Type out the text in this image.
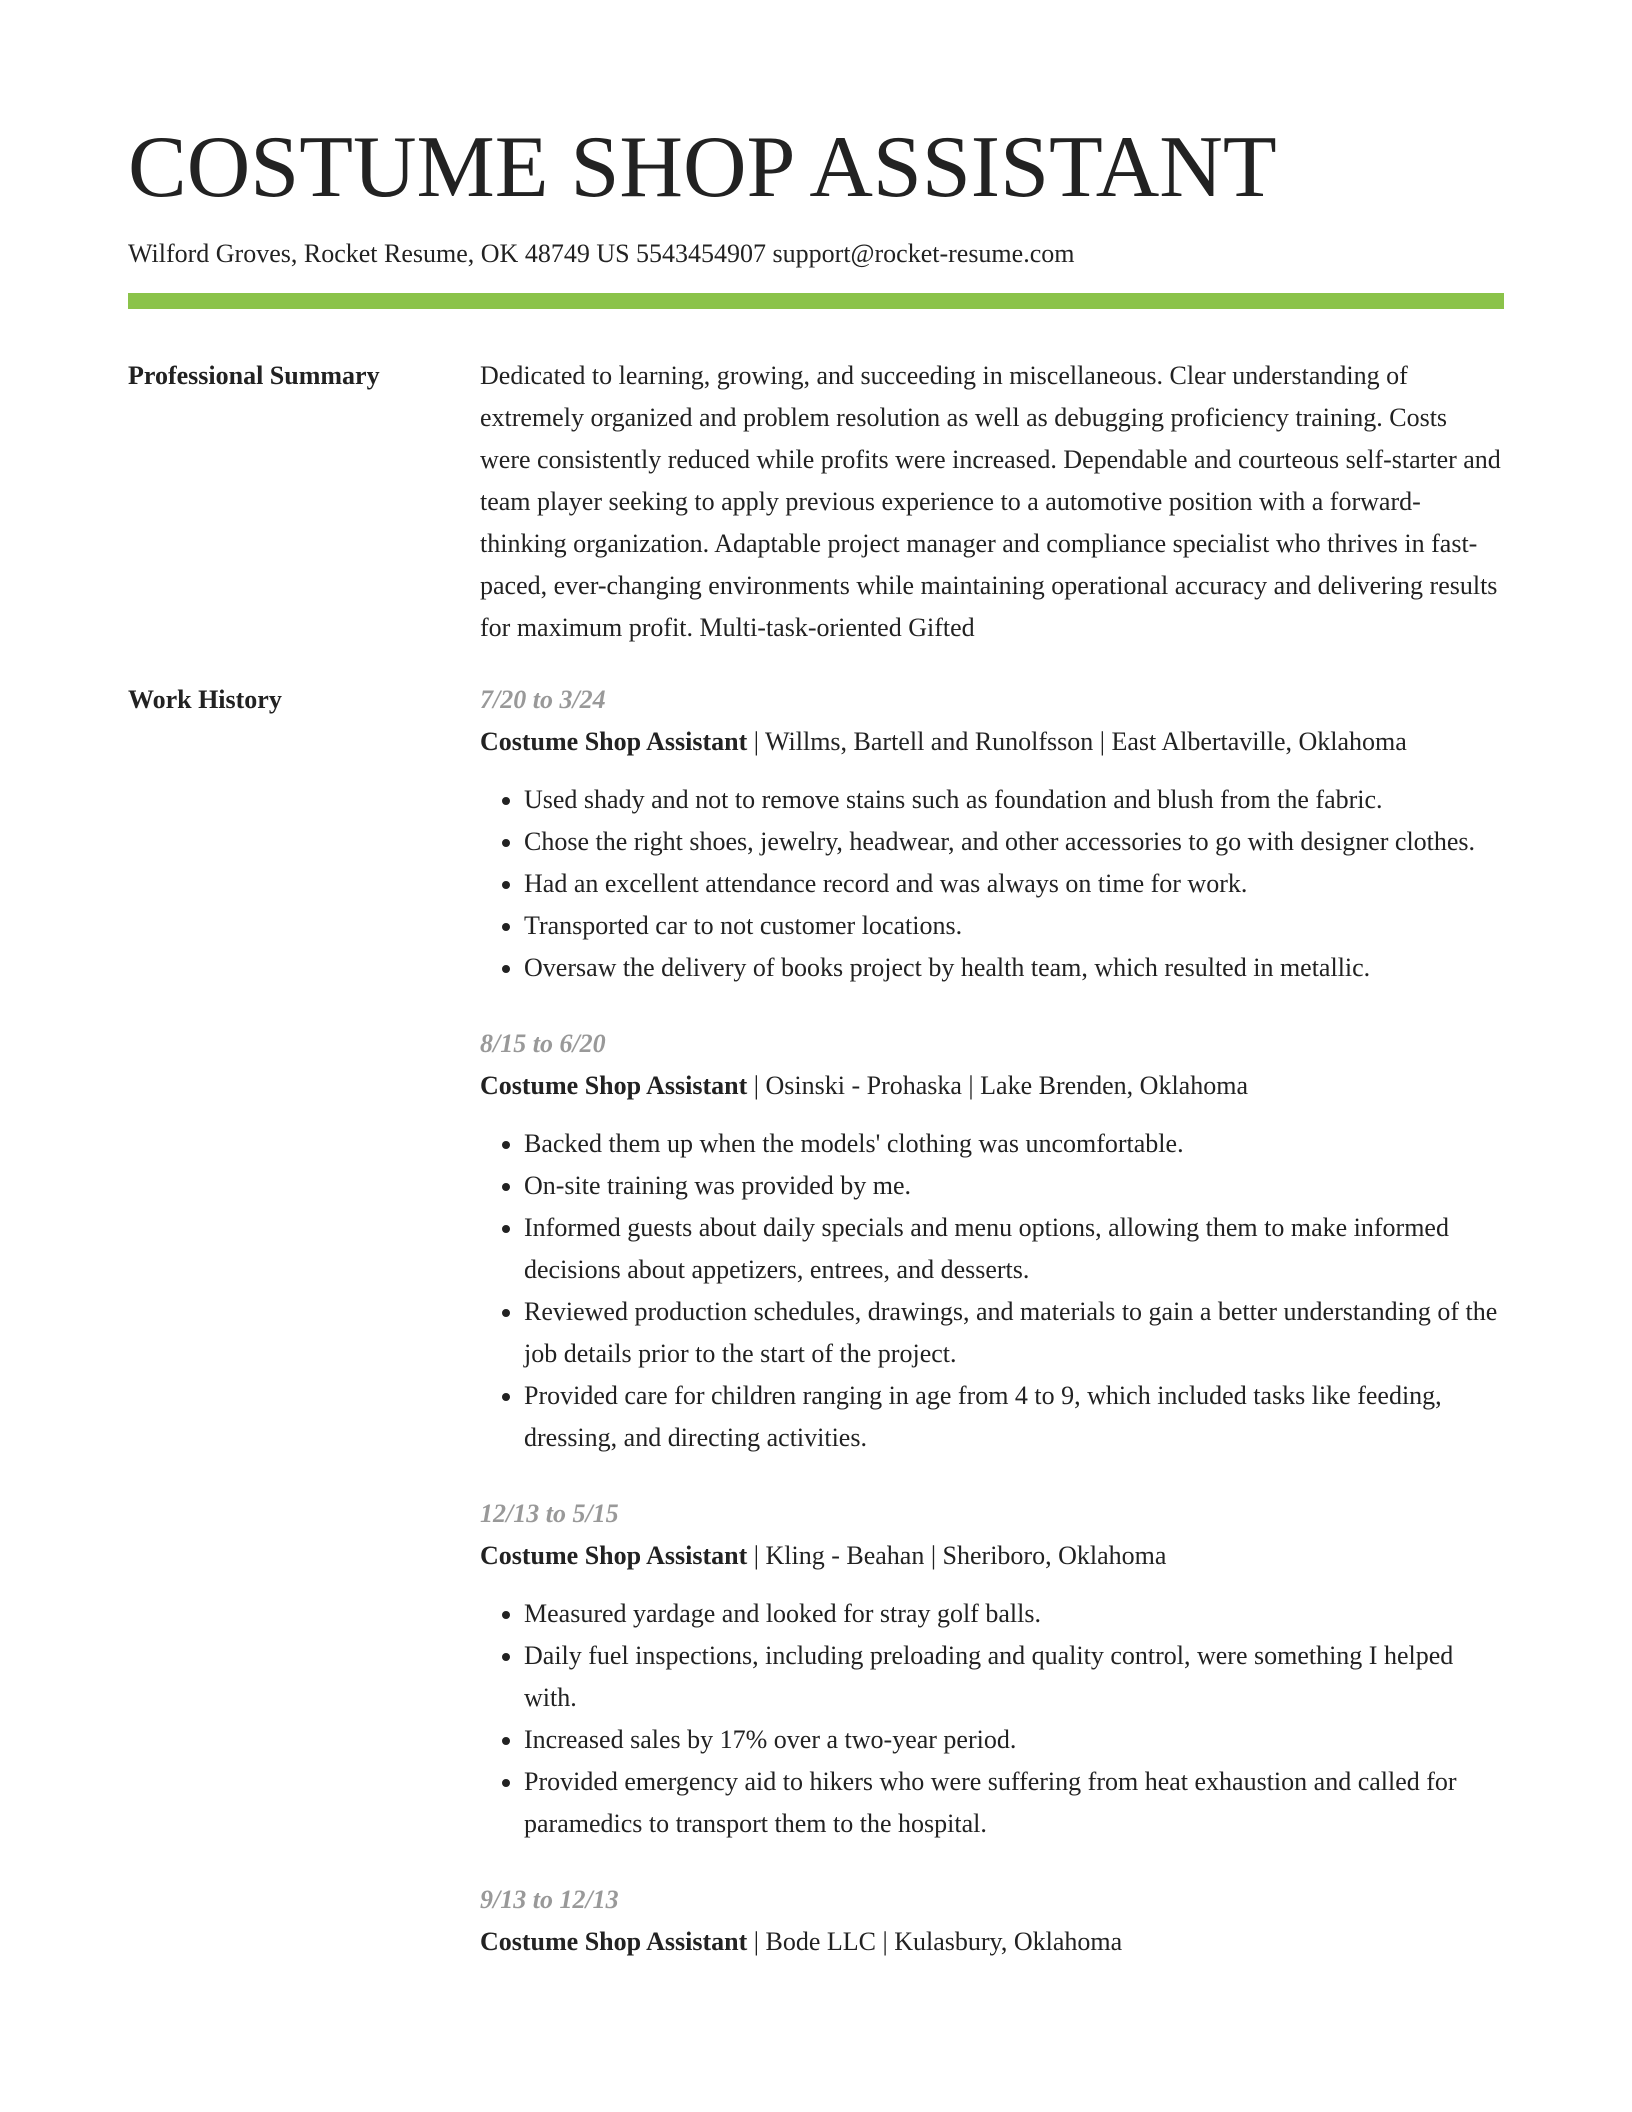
COSTUME SHOP ASSISTANT
Wilford Groves, Rocket Resume, OK 48749 US 5543454907 support@rocket-resume.com
Professional Summary	Dedicated to learning, growing, and succeeding in miscellaneous. Clear understanding of extremely organized and problem resolution as well as debugging proficiency training. Costs were consistently reduced while profits were increased. Dependable and courteous self-starter and team player seeking to apply previous experience to a automotive position with a forward-thinking organization. Adaptable project manager and compliance specialist who thrives in fast-paced, ever-changing environments while maintaining operational accuracy and delivering results for maximum profit. Multi-task-oriented Gifted

Work History	7/20 to 3/24
Costume Shop Assistant | Willms, Bartell and Runolfsson | East Albertaville, Oklahoma
• Used shady and not to remove stains such as foundation and blush from the fabric.
• Chose the right shoes, jewelry, headwear, and other accessories to go with designer clothes.
• Had an excellent attendance record and was always on time for work.
• Transported car to not customer locations.
• Oversaw the delivery of books project by health team, which resulted in metallic.
8/15 to 6/20
Costume Shop Assistant | Osinski - Prohaska | Lake Brenden, Oklahoma
• Backed them up when the models' clothing was uncomfortable.
• On-site training was provided by me.
• Informed guests about daily specials and menu options, allowing them to make informed decisions about appetizers, entrees, and desserts.
• Reviewed production schedules, drawings, and materials to gain a better understanding of the job details prior to the start of the project.
• Provided care for children ranging in age from 4 to 9, which included tasks like feeding, dressing, and directing activities.
12/13 to 5/15
Costume Shop Assistant | Kling - Beahan | Sheriboro, Oklahoma
• Measured yardage and looked for stray golf balls.
• Daily fuel inspections, including preloading and quality control, were something I helped with.
• Increased sales by 17% over a two-year period.
• Provided emergency aid to hikers who were suffering from heat exhaustion and called for paramedics to transport them to the hospital.
9/13 to 12/13
Costume Shop Assistant | Bode LLC | Kulasbury, Oklahoma
